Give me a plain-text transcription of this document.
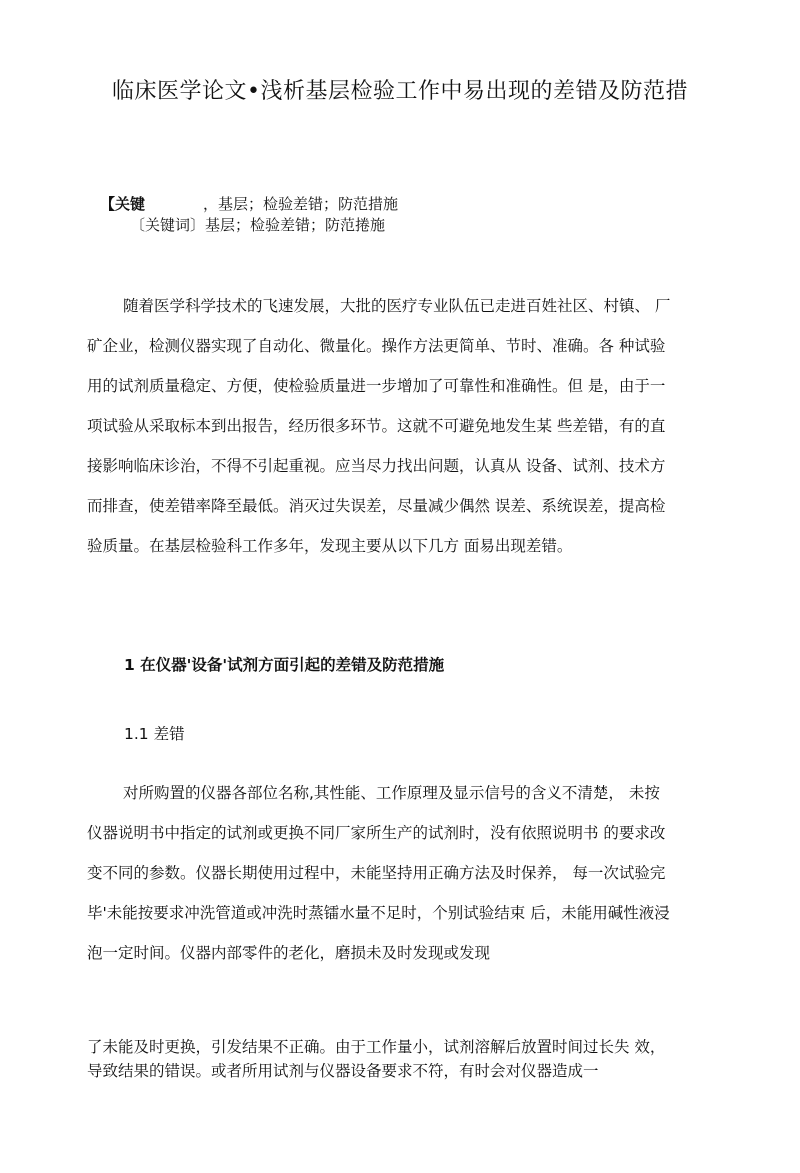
临床医学论文•浅析基层检验工作中易出现的差错及防范措
【关键	，基层；检验差错；防范措施
〔关键词〕基层；检验差错；防范捲施
随着医学科学技术的飞速发展，大批的医疗专业队伍已走进百姓社区、村镇、 厂
矿企业，检测仪器实现了自动化、微量化。操作方法更简单、节时、准确。各 种试验
用的试剂质量稳定、方便，使检验质量进一步增加了可靠性和准确性。但 是，由于一
项试验从采取标本到出报告，经历很多环节。这就不可避免地发生某 些差错，有的直
接影响临床诊治，不得不引起重视。应当尽力找出问题，认真从 设备、试剂、技术方
而排查，使差错率降至最低。消灭过失误差，尽量减少偶然 误差、系统误差，提高检
验质量。在基层检验科工作多年，发现主要从以下几方 面易出现差错。
1 在仪器'设备'试剂方面引起的差错及防范措施
1.1 差错
对所购置的仪器各部位名称,其性能、工作原理及显示信号的含义不清楚， 未按
仪器说明书中指定的试剂或更换不同厂家所生产的试剂时，没有依照说明书 的要求改
变不同的参数。仪器长期使用过程中，未能坚持用正确方法及时保养， 每一次试验完
毕'未能按要求冲洗管道或冲洗时蒸镭水量不足时，个别试验结束 后，未能用碱性液浸
泡一定时间。仪器内部零件的老化，磨损未及时发现或发现
了未能及时更换，引发结果不正确。由于工作量小，试剂溶解后放置时间过长失 效，
导致结果的错误。或者所用试剂与仪器设备要求不符，有时会对仪器造成一
